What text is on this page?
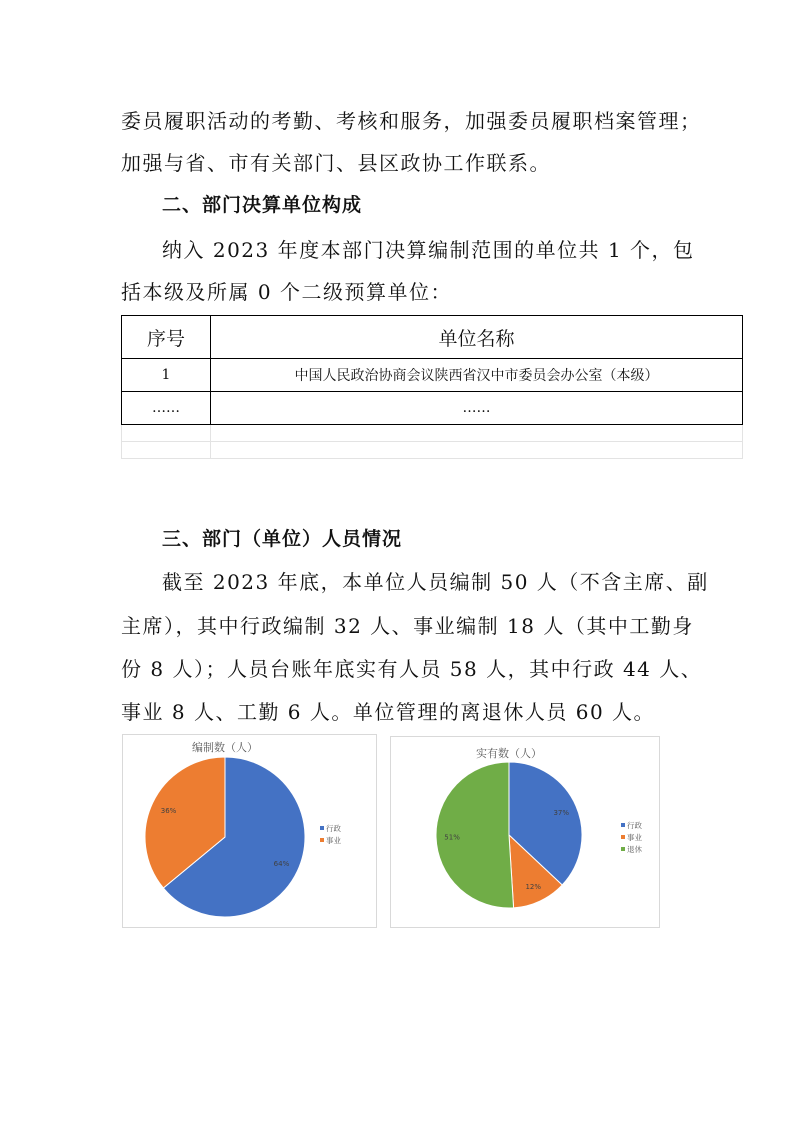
委员履职活动的考勤、考核和服务，加强委员履职档案管理；
加强与省、市有关部门、县区政协工作联系。
二、部门决算单位构成
纳入 2023 年度本部门决算编制范围的单位共 1 个，包
括本级及所属 0 个二级预算单位：
序号	单位名称
1	中国人民政治协商会议陕西省汉中市委员会办公室（本级）
……	……

三、部门（单位）人员情况
截至 2023 年底，本单位人员编制 50 人（不含主席、副
主席），其中行政编制 32 人、事业编制 18 人（其中工勤身
份 8 人）；人员台账年底实有人员 58 人，其中行政 44 人、
事业 8 人、工勤 6 人。单位管理的离退休人员 60 人。
编制数（人）
64%
36%
行政
事业
实有数（人）
37%
12%
51%
行政
事业
退休
